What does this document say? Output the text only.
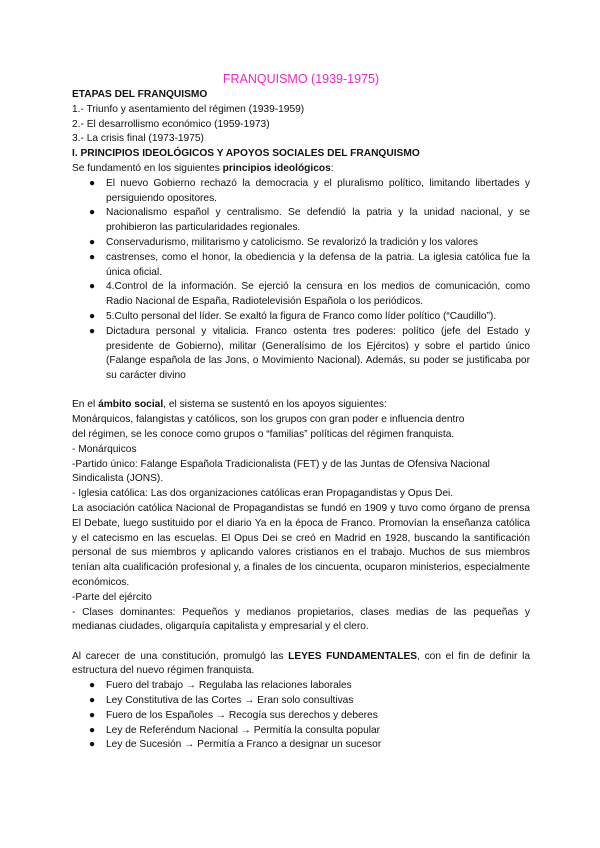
FRANQUISMO (1939-1975)

ETAPAS DEL FRANQUISMO

1.- Triunfo y asentamiento del régimen (1939-1959)

2.- El desarrollismo económico (1959-1973)

3.- La crisis final (1973-1975)

I. PRINCIPIOS IDEOLÓGICOS Y APOYOS SOCIALES DEL FRANQUISMO

Se fundamentó en los siguientes principios ideológicos:

● El nuevo Gobierno rechazó la democracia y el pluralismo político, limitando libertades y persiguiendo opositores.
● Nacionalismo español y centralismo. Se defendió la patria y la unidad nacional, y se prohibieron las particularidades regionales.
● Conservadurismo, militarismo y catolicismo. Se revalorizó la tradición y los valores
● castrenses, como el honor, la obediencia y la defensa de la patria. La iglesia católica fue la única oficial.
● 4.Control de la información. Se ejerció la censura en los medios de comunicación, como Radio Nacional de España, Radiotelevisión Española o los periódicos.
● 5.Culto personal del líder. Se exaltó la figura de Franco como líder político (“Caudillo”).
● Dictadura personal y vitalicia. Franco ostenta tres poderes: político (jefe del Estado y presidente de Gobierno), militar (Generalísimo de los Ejércitos) y sobre el partido único (Falange española de las Jons, o Movimiento Nacional). Además, su poder se justificaba por su carácter divino

En el ámbito social, el sistema se sustentó en los apoyos siguientes:

Monárquicos, falangistas y católicos, son los grupos con gran poder e influencia dentro

del régimen, se les conoce como grupos o “familias” políticas del régimen franquista.

- Monárquicos

-Partido único: Falange Española Tradicionalista (FET) y de las Juntas de Ofensiva Nacional Sindicalista (JONS).

- Iglesia católica: Las dos organizaciones católicas eran Propagandistas y Opus Dei.

La asociación católica Nacional de Propagandistas se fundó en 1909 y tuvo como órgano de prensa El Debate, luego sustituido por el diario Ya en la época de Franco. Promovían la enseñanza católica y el catecismo en las escuelas. El Opus Dei se creó en Madrid en 1928, buscando la santificación personal de sus miembros y aplicando valores cristianos en el trabajo. Muchos de sus miembros tenían alta cualificación profesional y, a finales de los cincuenta, ocuparon ministerios, especialmente económicos.

-Parte del ejército

- Clases dominantes: Pequeños y medianos propietarios, clases medias de las pequeñas y medianas ciudades, oligarquía capitalista y empresarial y el clero.

Al carecer de una constitución, promulgó las LEYES FUNDAMENTALES, con el fin de definir la estructura del nuevo régimen franquista.

● Fuero del trabajo → Regulaba las relaciones laborales
● Ley Constitutiva de las Cortes → Eran solo consultivas
● Fuero de los Españoles → Recogía sus derechos y deberes
● Ley de Referéndum Nacional → Permitía la consulta popular
● Ley de Sucesión → Permitía a Franco a designar un sucesor
